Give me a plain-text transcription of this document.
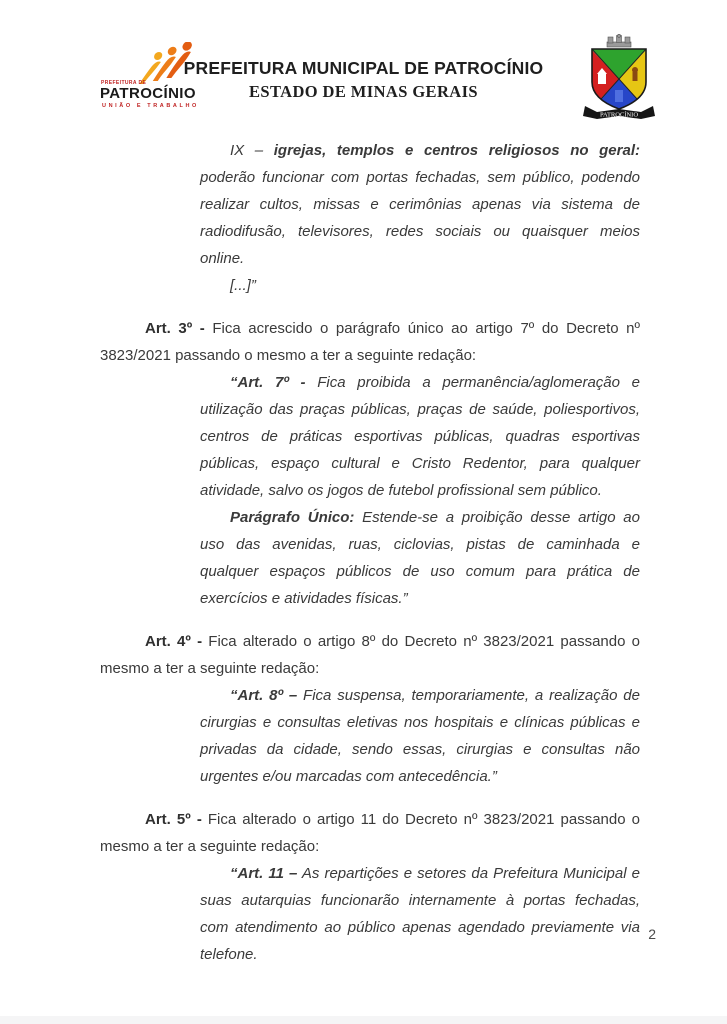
PREFEITURA DE
PATROCÍNIO
UNIÃO E TRABALHO
PREFEITURA MUNICIPAL DE PATROCÍNIO
ESTADO DE MINAS GERAIS
PATROCÍNIO

IX – igrejas, templos e centros religiosos no geral: poderão funcionar com portas fechadas, sem público, podendo realizar cultos, missas e cerimônias apenas via sistema de radiodifusão, televisores, redes sociais ou quaisquer meios online.

[...]”

Art. 3º - Fica acrescido o parágrafo único ao artigo 7º do Decreto nº 3823/2021 passando o mesmo a ter a seguinte redação:

“Art. 7º - Fica proibida a permanência/aglomeração e utilização das praças públicas, praças de saúde, poliesportivos, centros de práticas esportivas públicas, quadras esportivas públicas, espaço cultural e Cristo Redentor, para qualquer atividade, salvo os jogos de futebol profissional sem público.

Parágrafo Único: Estende-se a proibição desse artigo ao uso das avenidas, ruas, ciclovias, pistas de caminhada e qualquer espaços públicos de uso comum para prática de exercícios e atividades físicas.”

Art. 4º - Fica alterado o artigo 8º do Decreto nº 3823/2021 passando o mesmo a ter a seguinte redação:

“Art. 8º – Fica suspensa, temporariamente, a realização de cirurgias e consultas eletivas nos hospitais e clínicas públicas e privadas da cidade, sendo essas, cirurgias e consultas não urgentes e/ou marcadas com antecedência.”

Art. 5º - Fica alterado o artigo 11 do Decreto nº 3823/2021 passando o mesmo a ter a seguinte redação:

“Art. 11 – As repartições e setores da Prefeitura Municipal e suas autarquias funcionarão internamente à portas fechadas, com atendimento ao público apenas agendado previamente via telefone.

2
